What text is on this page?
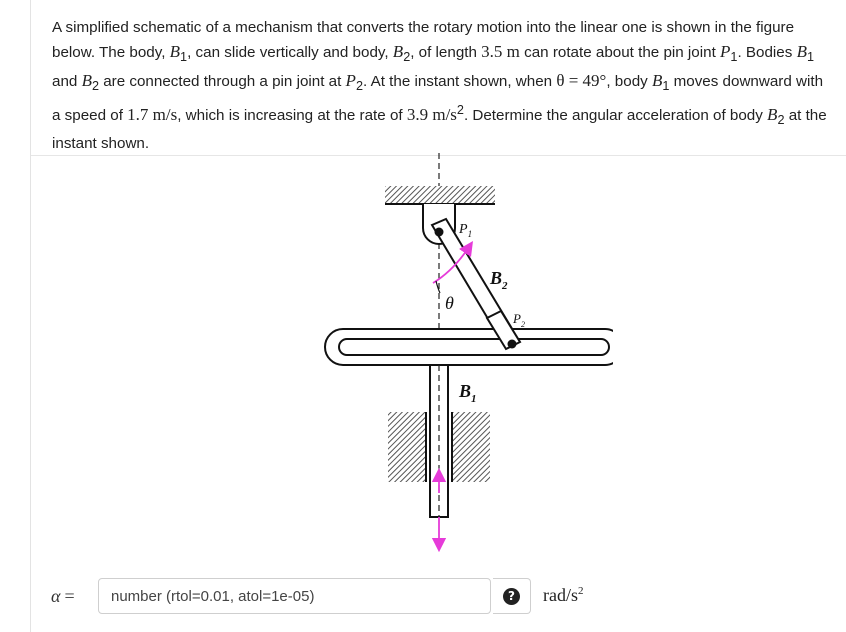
A simplified schematic of a mechanism that converts the rotary motion into the linear one is shown in the figure below. The body, $B_1$, can slide vertically and body, $B_2$, of length 3.5 m can rotate about the pin joint $P_1$. Bodies $B_1$ and $B_2$ are connected through a pin joint at $P_2$. At the instant shown, when θ = 49°, body $B_1$ moves downward with a speed of 1.7 m/s, which is increasing at the rate of 3.9 $m/s^2$. Determine the angular acceleration of body $B_2$ at the instant shown.

$P_1$
$B_2$
$P_2$
θ
$B_1$
α =
number (rtol=0.01, atol=1e-05)	? rad/$s^2$
